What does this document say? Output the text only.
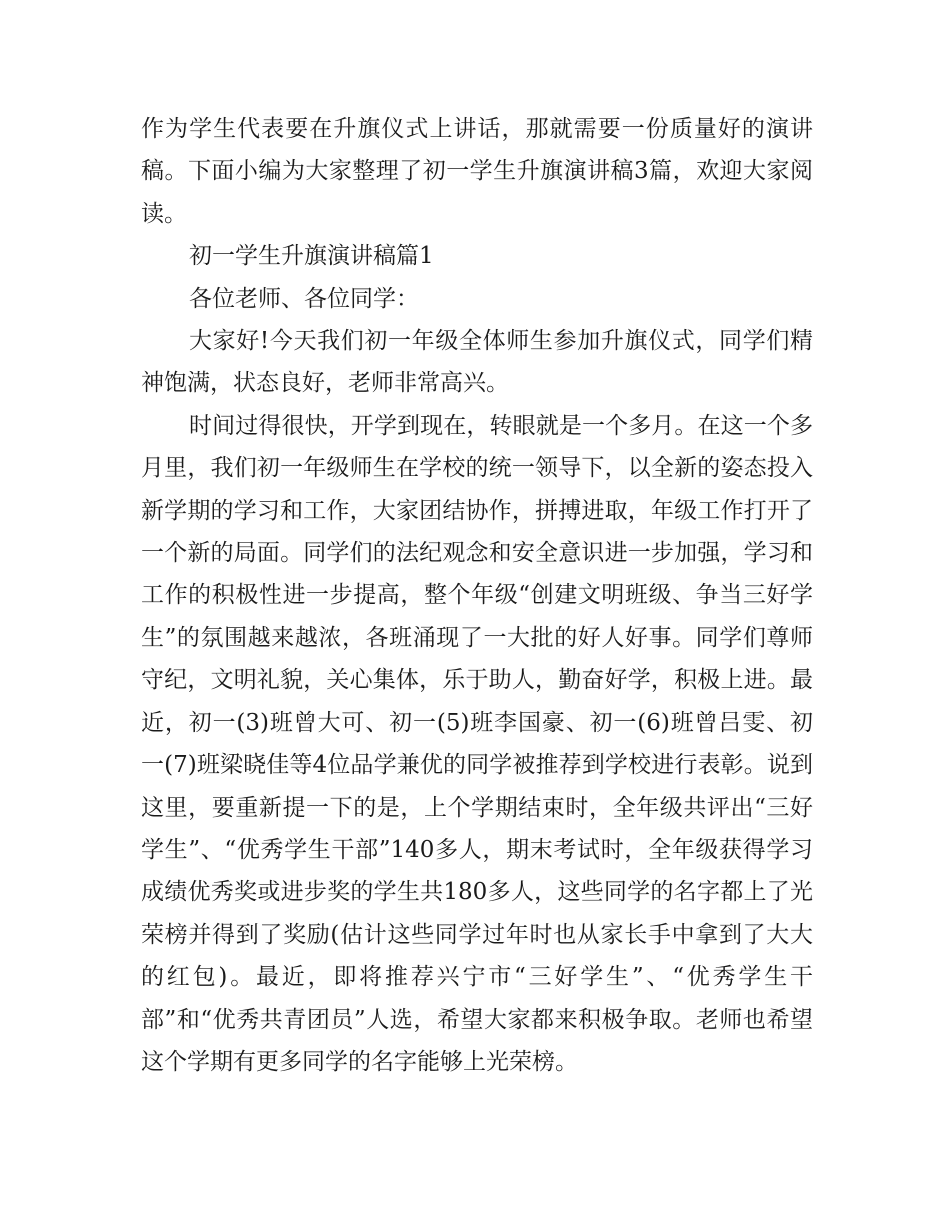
作为学生代表要在升旗仪式上讲话，那就需要一份质量好的演讲稿。下面小编为大家整理了初一学生升旗演讲稿3篇，欢迎大家阅读。

初一学生升旗演讲稿篇1

各位老师、各位同学：

大家好!今天我们初一年级全体师生参加升旗仪式，同学们精神饱满，状态良好，老师非常高兴。

时间过得很快，开学到现在，转眼就是一个多月。在这一个多月里，我们初一年级师生在学校的统一领导下，以全新的姿态投入新学期的学习和工作，大家团结协作，拼搏进取，年级工作打开了一个新的局面。同学们的法纪观念和安全意识进一步加强，学习和工作的积极性进一步提高，整个年级“创建文明班级、争当三好学生”的氛围越来越浓，各班涌现了一大批的好人好事。同学们尊师守纪，文明礼貌，关心集体，乐于助人，勤奋好学，积极上进。最近，初一(3)班曾大可、初一(5)班李国豪、初一(6)班曾吕雯、初一(7)班梁晓佳等4位品学兼优的同学被推荐到学校进行表彰。说到这里，要重新提一下的是，上个学期结束时，全年级共评出“三好学生”、“优秀学生干部”140多人，期末考试时，全年级获得学习成绩优秀奖或进步奖的学生共180多人，这些同学的名字都上了光荣榜并得到了奖励(估计这些同学过年时也从家长手中拿到了大大的红包)。最近，即将推荐兴宁市“三好学生”、“优秀学生干部”和“优秀共青团员”人选，希望大家都来积极争取。老师也希望这个学期有更多同学的名字能够上光荣榜。
